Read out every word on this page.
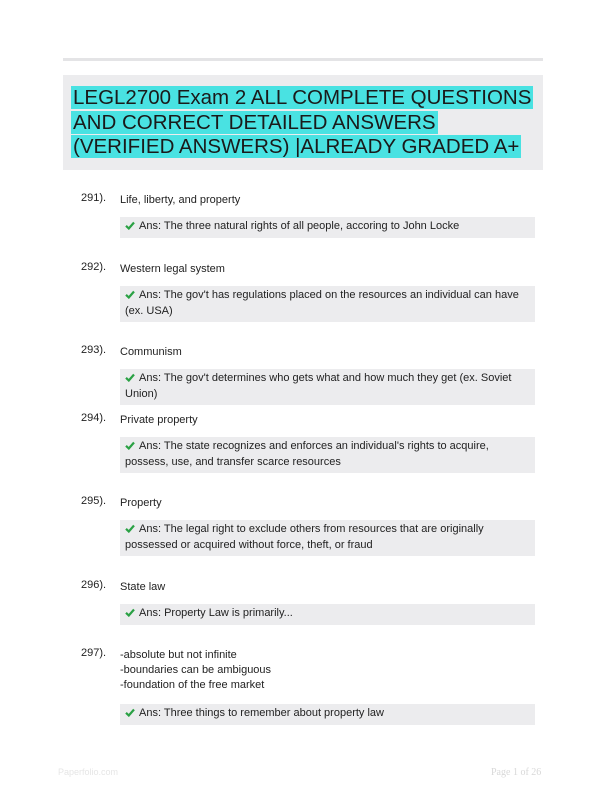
LEGL2700 Exam 2 ALL COMPLETE QUESTIONS AND CORRECT DETAILED ANSWERS (VERIFIED ANSWERS) |ALREADY GRADED A+
291). Life, liberty, and property
Ans: The three natural rights of all people, accoring to John Locke
292). Western legal system
Ans: The gov't has regulations placed on the resources an individual can have (ex. USA)
293). Communism
Ans: The gov't determines who gets what and how much they get (ex. Soviet Union)
294). Private property
Ans: The state recognizes and enforces an individual's rights to acquire, possess, use, and transfer scarce resources
295). Property
Ans: The legal right to exclude others from resources that are originally possessed or acquired without force, theft, or fraud
296). State law
Ans: Property Law is primarily...
297). -absolute but not infinite
-boundaries can be ambiguous
-foundation of the free market
Ans: Three things to remember about property law
Paperfolio.com	Page 1 of 26
